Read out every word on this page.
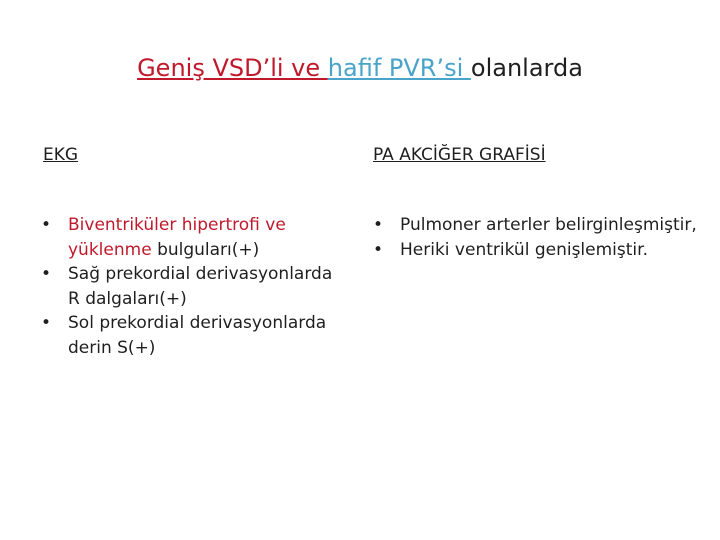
Geniş VSD’li ve hafif PVR’si olanlarda
EKG	PA AKCİĞER GRAFİSİ
• Biventriküler hipertrofi ve yüklenme bulguları(+)
• Sağ prekordial derivasyonlarda R dalgaları(+)
• Sol prekordial derivasyonlarda derin S(+)
• Pulmoner arterler belirginleşmiştir,
• Heriki ventrikül genişlemiştir.
